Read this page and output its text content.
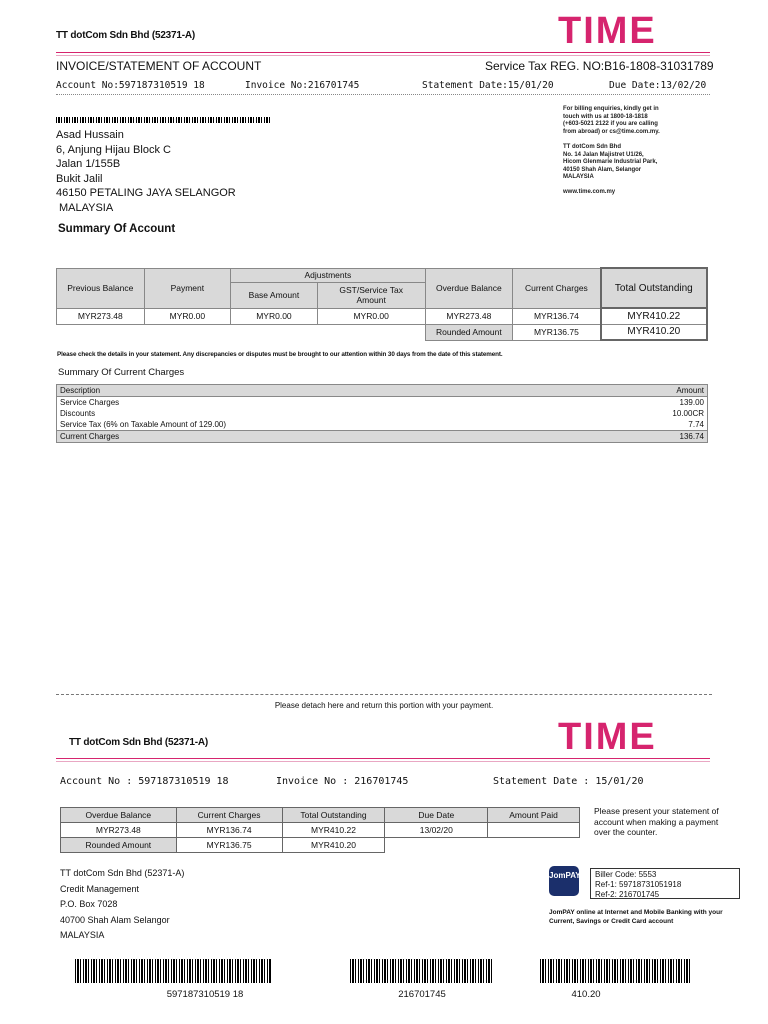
TT dotCom Sdn Bhd (52371-A)	TIME
INVOICE/STATEMENT OF ACCOUNT	Service Tax REG. NO:B16-1808-31031789
Account No:597187310519 18	Invoice No:216701745	Statement Date:15/01/20	Due Date:13/02/20
Asad Hussain
6, Anjung Hijau Block C
Jalan 1/155B
Bukit Jalil
46150 PETALING JAYA SELANGOR
MALAYSIA
For billing enquiries, kindly get in
touch with us at 1800-18-1818
(+603-5021 2122 if you are calling
from abroad) or cs@time.com.my.
TT dotCom Sdn Bhd
No. 14 Jalan Majistret U1/26,
Hicom Glenmarie Industrial Park,
40150 Shah Alam, Selangor
MALAYSIA
www.time.com.my
Summary Of Account
Previous Balance	Payment	Adjustments		Overdue Balance	Current Charges	Total Outstanding
		Base Amount	GST/Service Tax Amount			
MYR273.48	MYR0.00	MYR0.00	MYR0.00	MYR273.48	MYR136.74	MYR410.22
				Rounded Amount	MYR136.75	MYR410.20
Please check the details in your statement. Any discrepancies or disputes must be brought to our attention within 30 days from the date of this statement.
Summary Of Current Charges
Description	Amount
Service Charges	139.00
Discounts	10.00CR
Service Tax (6% on Taxable Amount of 129.00)	7.74
Current Charges	136.74
Please detach here and return this portion with your payment.
TT dotCom Sdn Bhd (52371-A)	TIME
Account No : 597187310519 18	Invoice No : 216701745	Statement Date : 15/01/20
Overdue Balance	Current Charges	Total Outstanding	Due Date	Amount Paid
MYR273.48	MYR136.74	MYR410.22	13/02/20	
Rounded Amount	MYR136.75	MYR410.20		
Please present your statement of account when making a payment over the counter.
TT dotCom Sdn Bhd (52371-A)
Credit Management
P.O. Box 7028
40700 Shah Alam Selangor
MALAYSIA
JomPAY Biller Code: 5553
Ref-1: 59718731051918
Ref-2: 216701745
JomPAY online at Internet and Mobile Banking with your
Current, Savings or Credit Card account
597187310519 18	216701745	410.20
